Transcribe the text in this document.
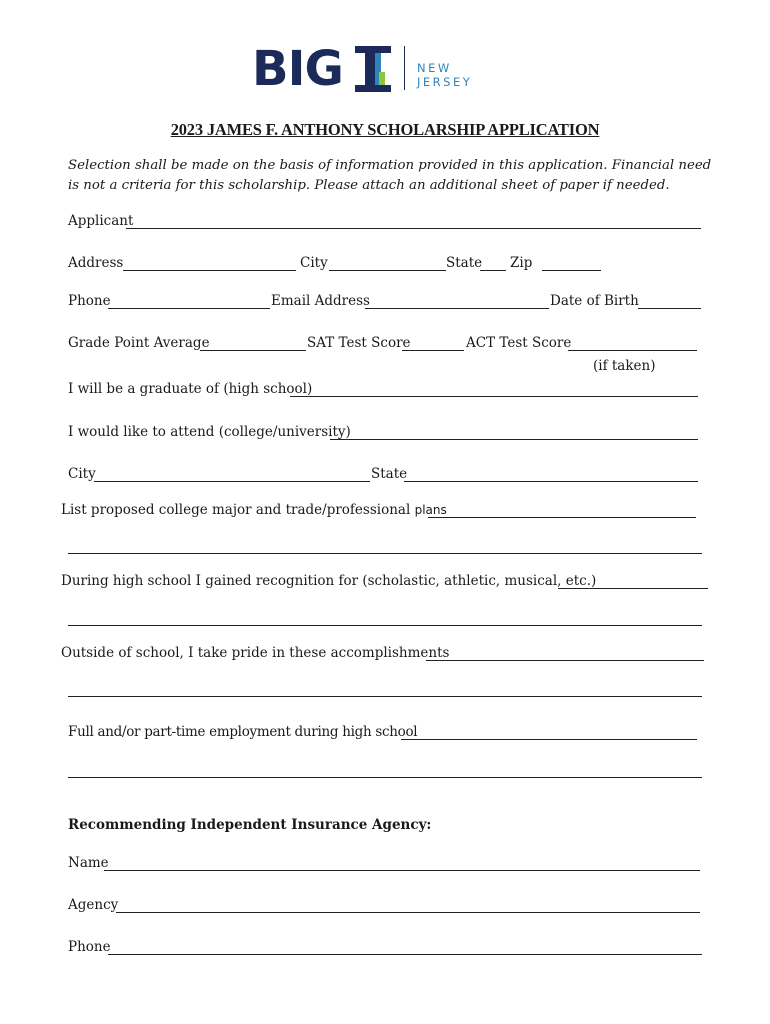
BIG	NEW JERSEY
2023 JAMES F. ANTHONY SCHOLARSHIP APPLICATION
Selection shall be made on the basis of information provided in this application. Financial need is not a criteria for this scholarship. Please attach an additional sheet of paper if needed.
Applicant
Address	City	State Zip
Phone	Email Address	Date of Birth
Grade Point Average	SAT Test Score	ACT Test Score
(if taken)
I will be a graduate of (high school)
I would like to attend (college/university)
City	State
List proposed college major and trade/professional plans
During high school I gained recognition for (scholastic, athletic, musical, etc.)
Outside of school, I take pride in these accomplishments
Full and/or part-time employment during high school
Recommending Independent Insurance Agency:
Name
Agency
Phone
